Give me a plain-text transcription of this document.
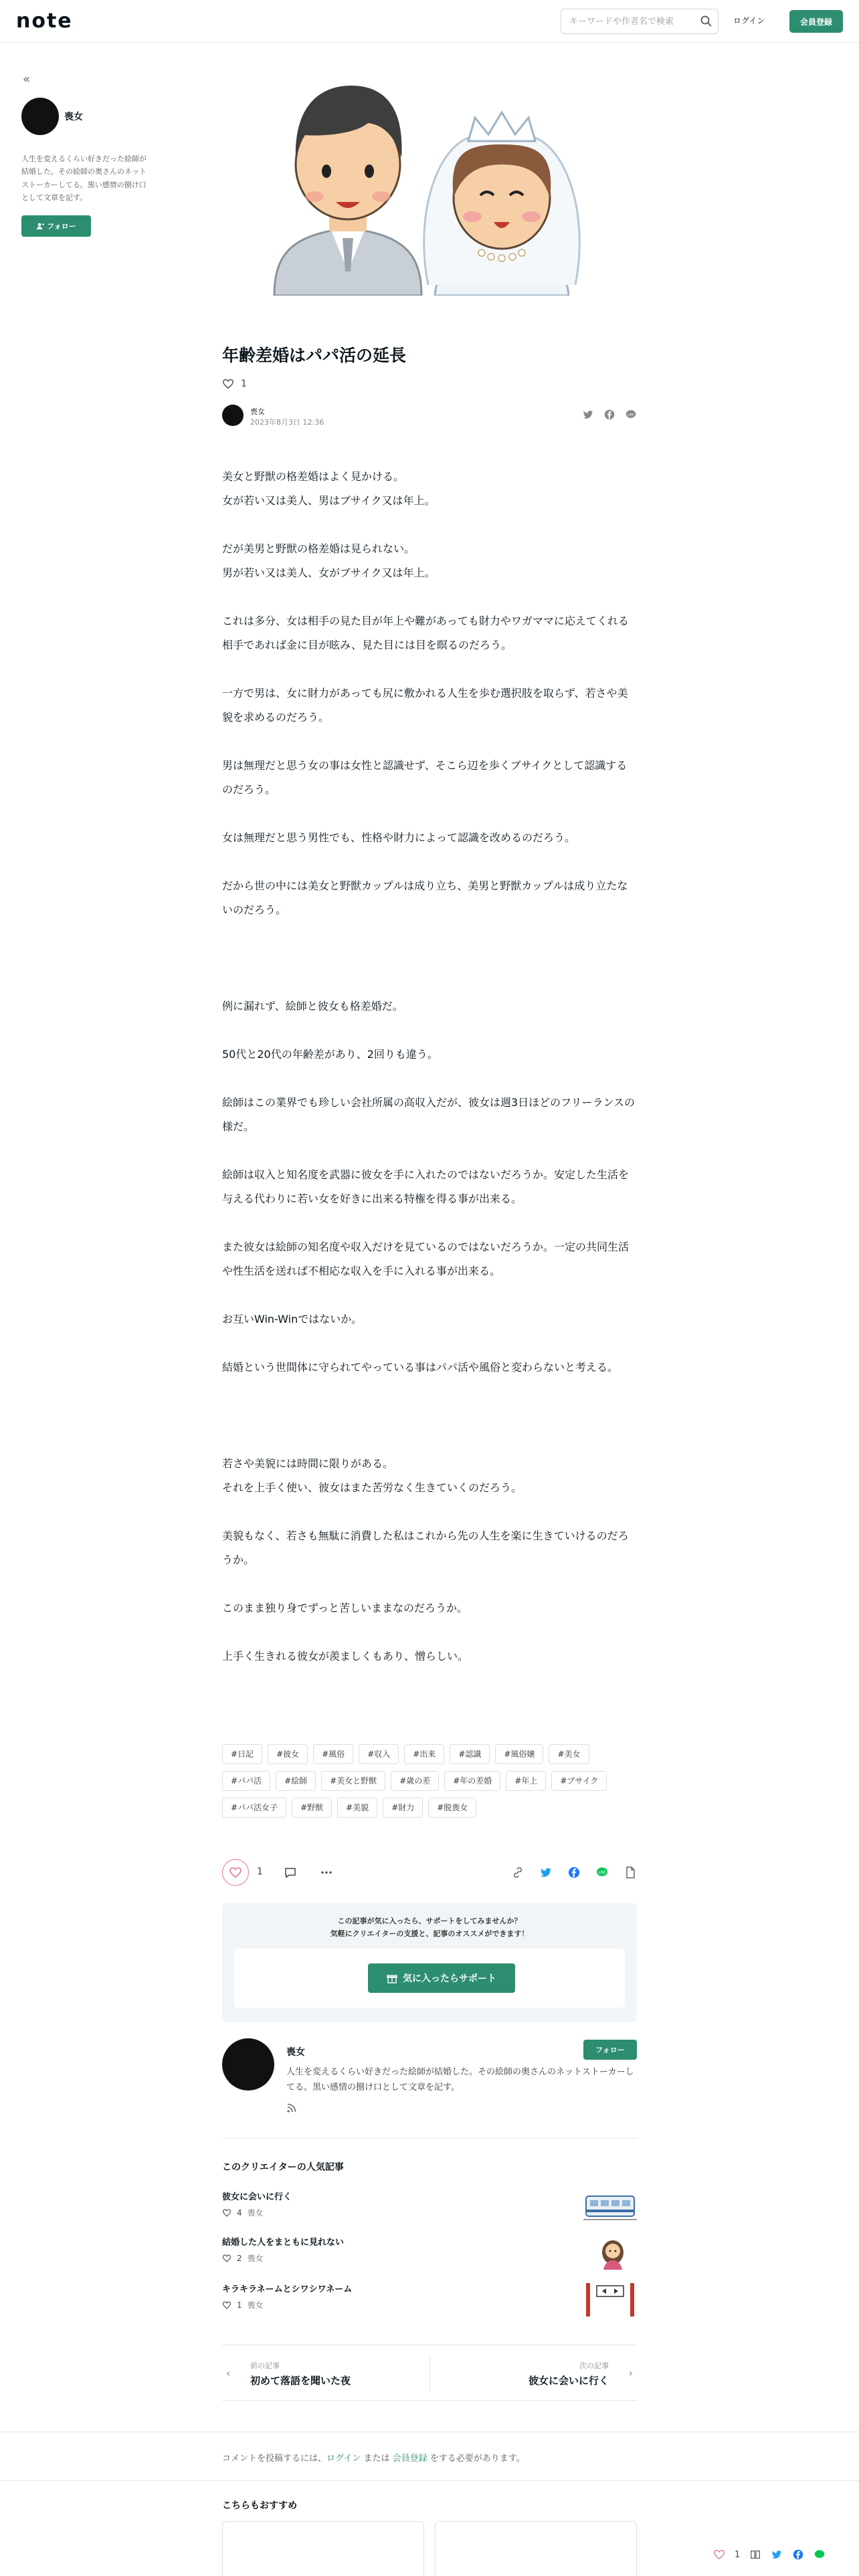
note
キーワードや作者名で検索	ログイン	会員登録
«
喪女
人生を変えるくらい好きだった絵師が結婚した。その絵師の奥さんのネットストーカーしてる。黒い感情の捌け口として文章を記す。
フォロー
年齢差婚はパパ活の延長
1
喪女
2023年8月3日 12:36
LINE

美女と野獣の格差婚はよく見かける。
女が若い又は美人、男はブサイク又は年上。

だが美男と野獣の格差婚は見られない。
男が若い又は美人、女がブサイク又は年上。

これは多分、女は相手の見た目が年上や難があっても財力やワガママに応えてくれる相手であれば金に目が眩み、見た目には目を瞑るのだろう。

一方で男は、女に財力があっても尻に敷かれる人生を歩む選択肢を取らず、若さや美貌を求めるのだろう。

男は無理だと思う女の事は女性と認識せず、そこら辺を歩くブサイクとして認識するのだろう。

女は無理だと思う男性でも、性格や財力によって認識を改めるのだろう。

だから世の中には美女と野獣カップルは成り立ち、美男と野獣カップルは成り立たないのだろう。

例に漏れず、絵師と彼女も格差婚だ。

50代と20代の年齢差があり、2回りも違う。

絵師はこの業界でも珍しい会社所属の高収入だが、彼女は週3日ほどのフリーランスの様だ。

絵師は収入と知名度を武器に彼女を手に入れたのではないだろうか。安定した生活を与える代わりに若い女を好きに出来る特権を得る事が出来る。

また彼女は絵師の知名度や収入だけを見ているのではないだろうか。一定の共同生活や性生活を送れば不相応な収入を手に入れる事が出来る。

お互いWin-Winではないか。

結婚という世間体に守られてやっている事はパパ活や風俗と変わらないと考える。

若さや美貌には時間に限りがある。
それを上手く使い、彼女はまた苦労なく生きていくのだろう。

美貌もなく、若さも無駄に消費した私はこれから先の人生を楽に生きていけるのだろうか。

このまま独り身でずっと苦しいままなのだろうか。

上手く生きれる彼女が羨ましくもあり、憎らしい。

#日記	#彼女	#風俗	#収入	#出来	#認識	#風俗嬢	#美女
#パパ活	#絵師	#美女と野獣	#歳の差	#年の差婚	#年上	#ブサイク
#パパ活女子	#野獣	#美貌	#財力	#脱喪女
1	LINE
この記事が気に入ったら、サポートをしてみませんか？
気軽にクリエイターの支援と、記事のオススメができます！
気に入ったらサポート
喪女
人生を変えるくらい好きだった絵師が結婚した。その絵師の奥さんのネットストーカーしてる。黒い感情の捌け口として文章を記す。
フォロー
このクリエイターの人気記事
彼女に会いに行く
4 喪女
結婚した人をまともに見れない
2 喪女
キラキラネームとシワシワネーム
1 喪女
‹
前の記事
初めて落語を聞いた夜
次の記事
彼女に会いに行く
›
コメントを投稿するには、ログイン または 会員登録 をする必要があります。
こちらもおすすめ
1
